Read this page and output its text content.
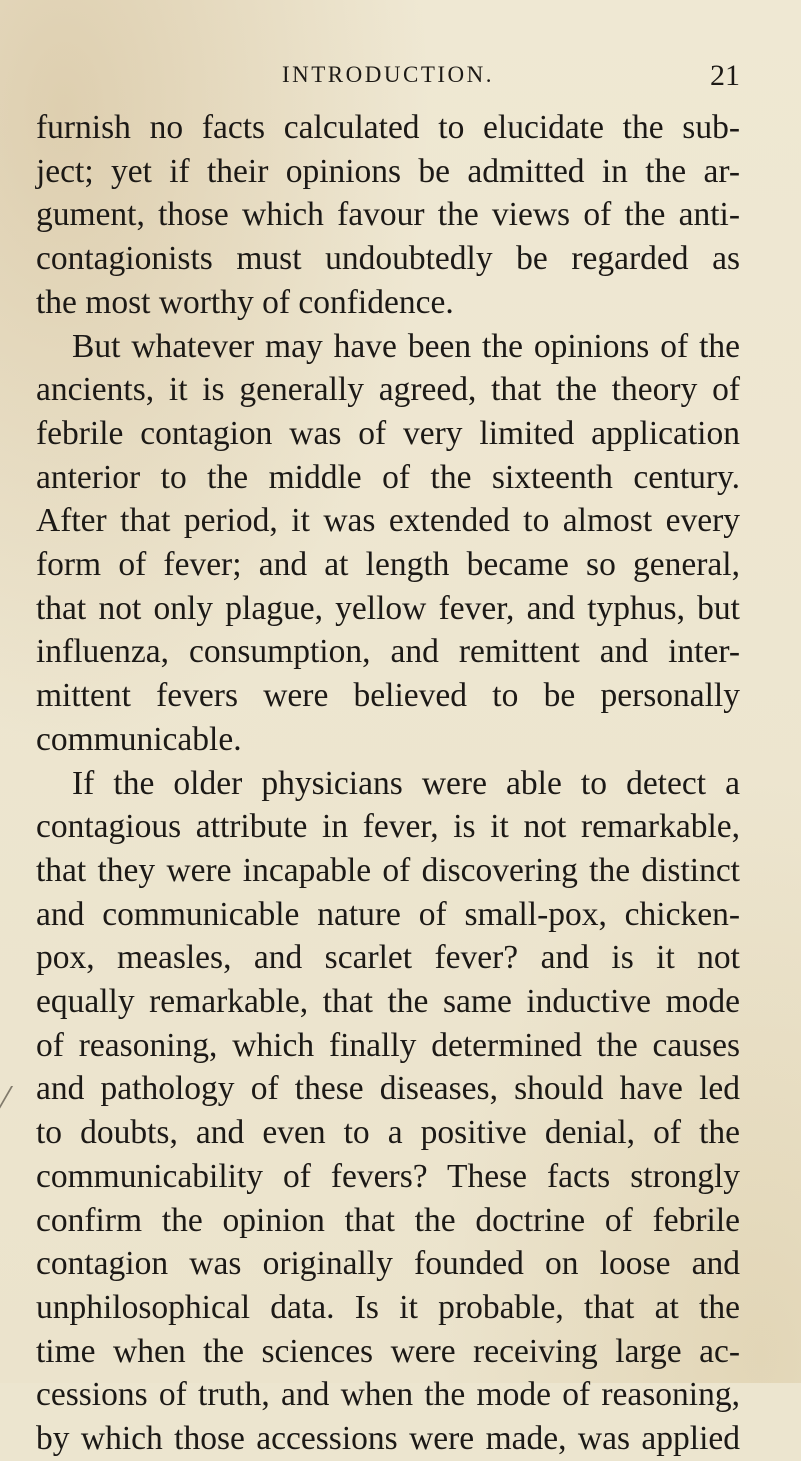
INTRODUCTION.	21
furnish no facts calculated to elucidate the sub-
ject; yet if their opinions be admitted in the ar-
gument, those which favour the views of the anti-
contagionists must undoubtedly be regarded as
the most worthy of confidence.
But whatever may have been the opinions of the
ancients, it is generally agreed, that the theory of
febrile contagion was of very limited application
anterior to the middle of the sixteenth century.
After that period, it was extended to almost every
form of fever; and at length became so general,
that not only plague, yellow fever, and typhus, but
influenza, consumption, and remittent and inter-
mittent fevers were believed to be personally
communicable.
If the older physicians were able to detect a
contagious attribute in fever, is it not remarkable,
that they were incapable of discovering the distinct
and communicable nature of small-pox, chicken-
pox, measles, and scarlet fever? and is it not
equally remarkable, that the same inductive mode
of reasoning, which finally determined the causes
and pathology of these diseases, should have led
to doubts, and even to a positive denial, of the
communicability of fevers? These facts strongly
confirm the opinion that the doctrine of febrile
contagion was originally founded on loose and
unphilosophical data. Is it probable, that at the
time when the sciences were receiving large ac-
cessions of truth, and when the mode of reasoning,
by which those accessions were made, was applied
